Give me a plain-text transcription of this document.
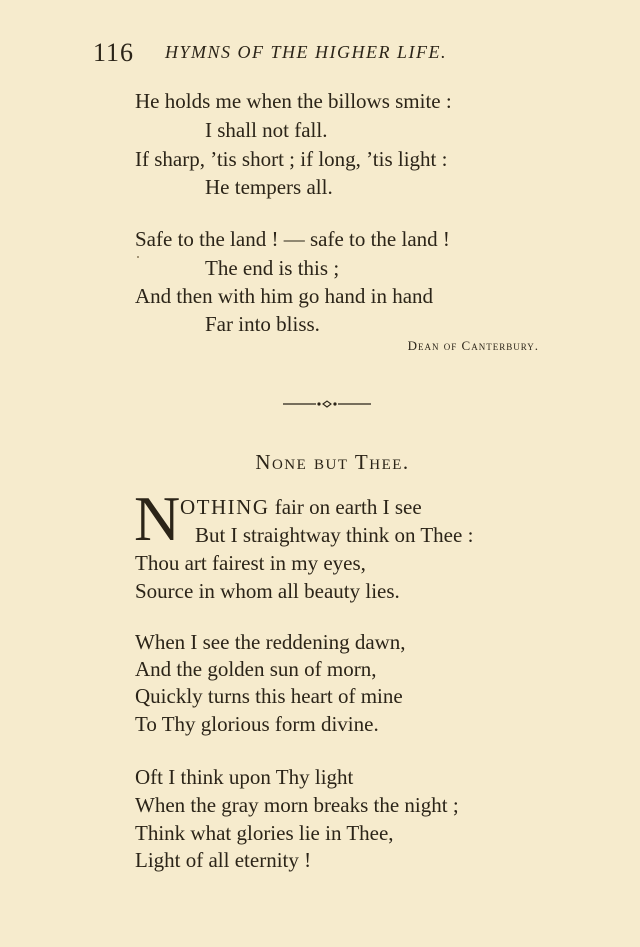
116 HYMNS OF THE HIGHER LIFE.
He holds me when the billows smite :
I shall not fall.
If sharp, ’tis short ; if long, ’tis light :
He tempers all.
Safe to the land ! — safe to the land !
The end is this ;
And then with him go hand in hand
Far into bliss.
Dean of Canterbury.
None but Thee.
N OTHING fair on earth I see
But I straightway think on Thee :
Thou art fairest in my eyes,
Source in whom all beauty lies.
When I see the reddening dawn,
And the golden sun of morn,
Quickly turns this heart of mine
To Thy glorious form divine.
Oft I think upon Thy light
When the gray morn breaks the night ;
Think what glories lie in Thee,
Light of all eternity !
